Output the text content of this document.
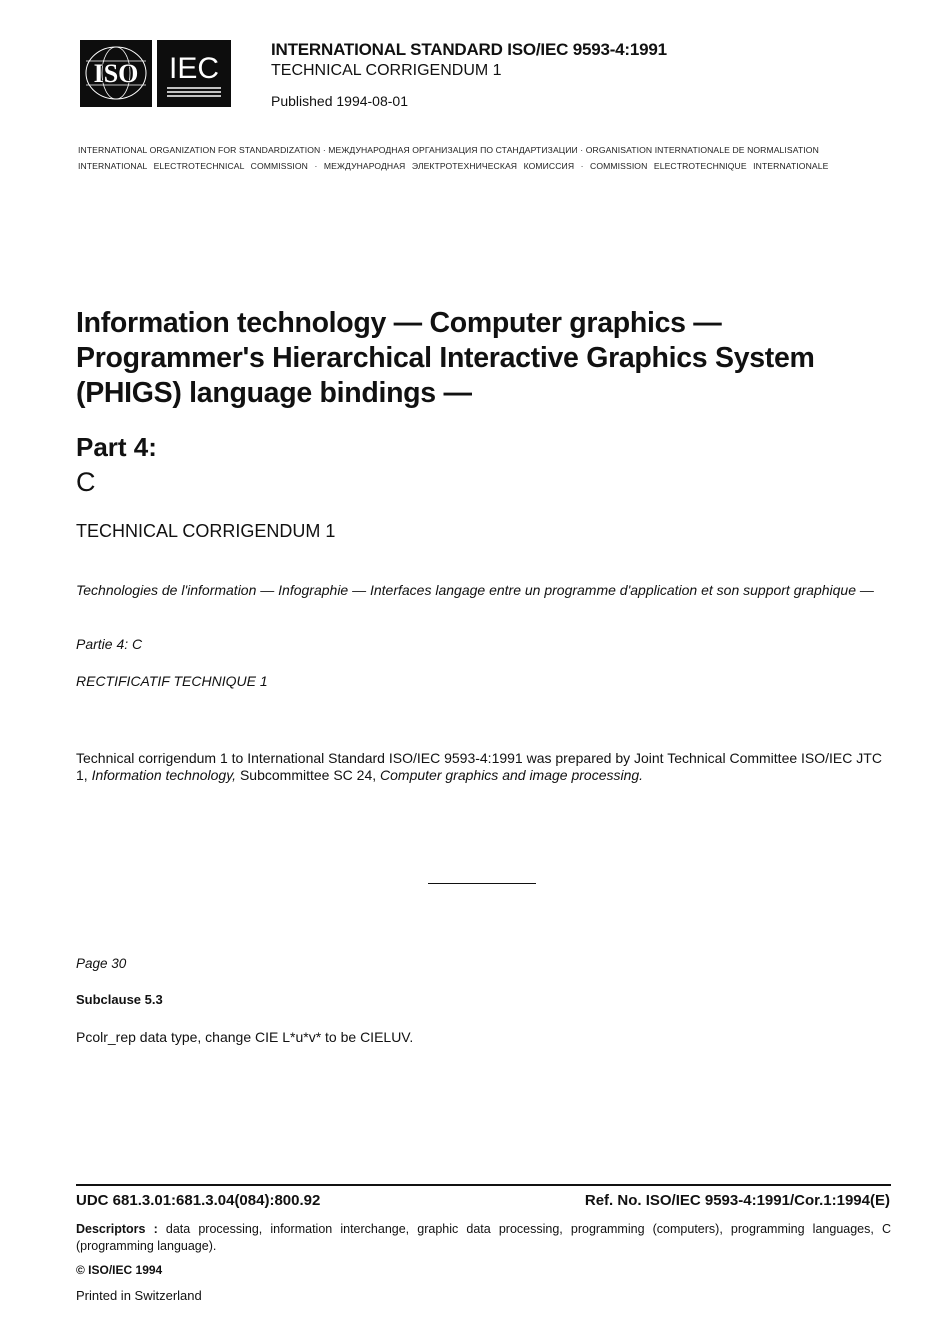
ISO IEC
INTERNATIONAL STANDARD ISO/IEC 9593-4:1991
TECHNICAL CORRIGENDUM 1
Published 1994-08-01
INTERNATIONAL ORGANIZATION FOR STANDARDIZATION · МЕЖДУНАРОДНАЯ ОРГАНИЗАЦИЯ ПО СТАНДАРТИЗАЦИИ · ORGANISATION INTERNATIONALE DE NORMALISATION
INTERNATIONAL ELECTROTECHNICAL COMMISSION · МЕЖДУНАРОДНАЯ ЭЛЕКТРОТЕХНИЧЕСКАЯ КОМИССИЯ · COMMISSION ELECTROTECHNIQUE INTERNATIONALE
Information technology — Computer graphics —
Programmer's Hierarchical Interactive Graphics System
(PHIGS) language bindings —
Part 4:
C
TECHNICAL CORRIGENDUM 1
Technologies de l'information — Infographie — Interfaces langage entre un programme d'application et son support graphique —
Partie 4: C
RECTIFICATIF TECHNIQUE 1
Technical corrigendum 1 to International Standard ISO/IEC 9593-4:1991 was prepared by Joint Technical Committee ISO/IEC JTC 1, Information technology, Subcommittee SC 24, Computer graphics and image processing.
Page 30
Subclause 5.3
Pcolr_rep data type, change CIE L*u*v* to be CIELUV.
UDC 681.3.01:681.3.04(084):800.92	Ref. No. ISO/IEC 9593-4:1991/Cor.1:1994(E)
Descriptors : data processing, information interchange, graphic data processing, programming (computers), programming languages, C (programming language).
© ISO/IEC 1994
Printed in Switzerland
